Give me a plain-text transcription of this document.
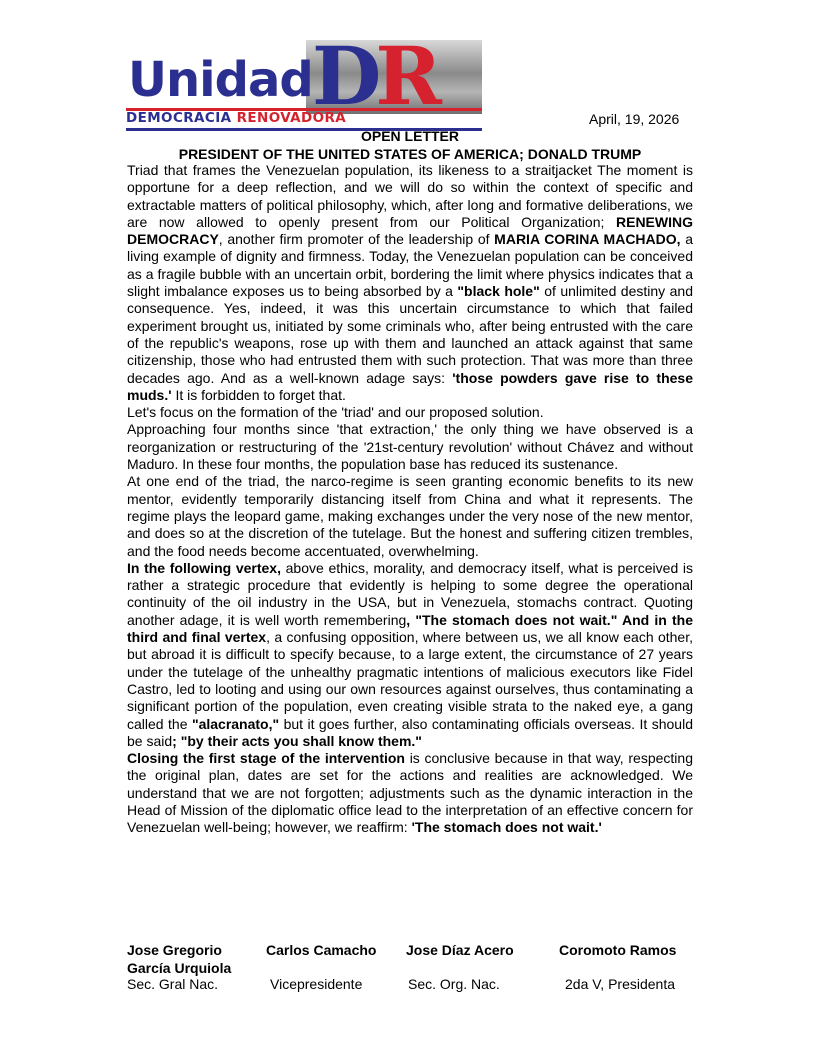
Unidad DR
DEMOCRACIA RENOVADORA	April, 19, 2026
OPEN LETTER
PRESIDENT OF THE UNITED STATES OF AMERICA; DONALD TRUMP

Triad that frames the Venezuelan population, its likeness to a straitjacket The moment is opportune for a deep reflection, and we will do so within the context of specific and extractable matters of political philosophy, which, after long and formative deliberations, we are now allowed to openly present from our Political Organization; RENEWING DEMOCRACY, another firm promoter of the leadership of MARIA CORINA MACHADO, a living example of dignity and firmness. Today, the Venezuelan population can be conceived as a fragile bubble with an uncertain orbit, bordering the limit where physics indicates that a slight imbalance exposes us to being absorbed by a "black hole" of unlimited destiny and consequence. Yes, indeed, it was this uncertain circumstance to which that failed experiment brought us, initiated by some criminals who, after being entrusted with the care of the republic's weapons, rose up with them and launched an attack against that same citizenship, those who had entrusted them with such protection. That was more than three decades ago. And as a well-known adage says: 'those powders gave rise to these muds.' It is forbidden to forget that.

Let's focus on the formation of the 'triad' and our proposed solution.

Approaching four months since 'that extraction,' the only thing we have observed is a reorganization or restructuring of the '21st-century revolution' without Chávez and without Maduro. In these four months, the population base has reduced its sustenance.

At one end of the triad, the narco-regime is seen granting economic benefits to its new mentor, evidently temporarily distancing itself from China and what it represents. The regime plays the leopard game, making exchanges under the very nose of the new mentor, and does so at the discretion of the tutelage. But the honest and suffering citizen trembles, and the food needs become accentuated, overwhelming.

In the following vertex, above ethics, morality, and democracy itself, what is perceived is rather a strategic procedure that evidently is helping to some degree the operational continuity of the oil industry in the USA, but in Venezuela, stomachs contract. Quoting another adage, it is well worth remembering, "The stomach does not wait." And in the third and final vertex, a confusing opposition, where between us, we all know each other, but abroad it is difficult to specify because, to a large extent, the circumstance of 27 years under the tutelage of the unhealthy pragmatic intentions of malicious executors like Fidel Castro, led to looting and using our own resources against ourselves, thus contaminating a significant portion of the population, even creating visible strata to the naked eye, a gang called the "alacranato," but it goes further, also contaminating officials overseas. It should be said; "by their acts you shall know them."

Closing the first stage of the intervention is conclusive because in that way, respecting the original plan, dates are set for the actions and realities are acknowledged. We understand that we are not forgotten; adjustments such as the dynamic interaction in the Head of Mission of the diplomatic office lead to the interpretation of an effective concern for Venezuelan well-being; however, we reaffirm: 'The stomach does not wait.'

Jose Gregorio
García Urquiola
Sec. Gral Nac.
Carlos Camacho
Vicepresidente
Jose Díaz Acero
Sec. Org. Nac.
Coromoto Ramos
2da V, Presidenta
